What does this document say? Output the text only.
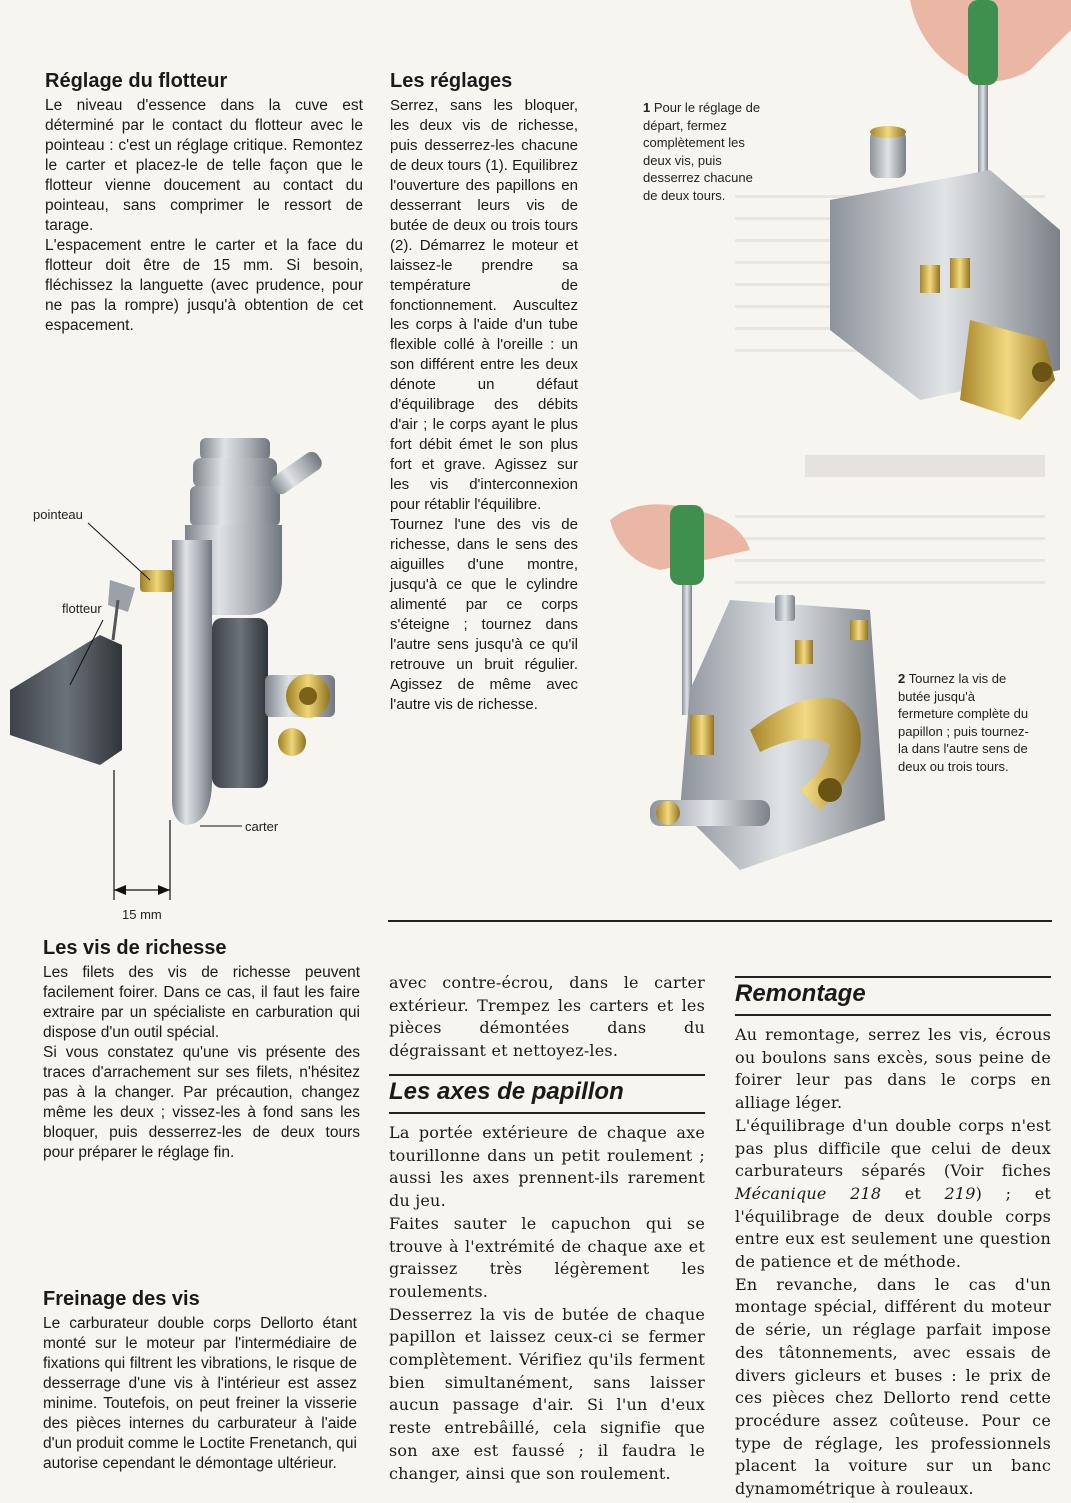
Réglage du flotteur

Le niveau d'essence dans la cuve est déterminé par le contact du flotteur avec le pointeau : c'est un réglage critique. Remontez le carter et placez-le de telle façon que le flotteur vienne doucement au contact du pointeau, sans comprimer le ressort de tarage.

L'espacement entre le carter et la face du flotteur doit être de 15 mm. Si besoin, fléchissez la languette (avec prudence, pour ne pas la rompre) jusqu'à obtention de cet espacement.

pointeau
flotteur
carter
15 mm
Les réglages

Serrez, sans les bloquer, les deux vis de richesse, puis desserrez-les chacune de deux tours (1). Equilibrez l'ouverture des papillons en desserrant leurs vis de butée de deux ou trois tours (2). Démarrez le moteur et laissez-le prendre sa température de fonctionnement. Auscultez les corps à l'aide d'un tube flexible collé à l'oreille : un son différent entre les deux dénote un défaut d'équilibrage des débits d'air ; le corps ayant le plus fort débit émet le son plus fort et grave. Agissez sur les vis d'interconnexion pour rétablir l'équilibre.

Tournez l'une des vis de richesse, dans le sens des aiguilles d'une montre, jusqu'à ce que le cylindre alimenté par ce corps s'éteigne ; tournez dans l'autre sens jusqu'à ce qu'il retrouve un bruit régulier. Agissez de même avec l'autre vis de richesse.

1 Pour le réglage de départ, fermez complètement les deux vis, puis desserrez chacune de deux tours.
2 Tournez la vis de butée jusqu'à fermeture complète du papillon ; puis tournez-la dans l'autre sens de deux ou trois tours.
Les vis de richesse

Les filets des vis de richesse peuvent facilement foirer. Dans ce cas, il faut les faire extraire par un spécialiste en carburation qui dispose d'un outil spécial.

Si vous constatez qu'une vis présente des traces d'arrachement sur ses filets, n'hésitez pas à la changer. Par précaution, changez même les deux ; vissez-les à fond sans les bloquer, puis desserrez-les de deux tours pour préparer le réglage fin.

Freinage des vis

Le carburateur double corps Dellorto étant monté sur le moteur par l'intermédiaire de fixations qui filtrent les vibrations, le risque de desserrage d'une vis à l'intérieur est assez minime. Toutefois, on peut freiner la visserie des pièces internes du carburateur à l'aide d'un produit comme le Loctite Frenetanch, qui autorise cependant le démontage ultérieur.

avec contre-écrou, dans le carter extérieur. Trempez les carters et les pièces démontées dans du dégraissant et nettoyez-les.

Les axes de papillon

La portée extérieure de chaque axe tourillonne dans un petit roulement ; aussi les axes prennent-ils rarement du jeu.

Faites sauter le capuchon qui se trouve à l'extrémité de chaque axe et graissez très légèrement les roulements.

Desserrez la vis de butée de chaque papillon et laissez ceux-ci se fermer complètement. Vérifiez qu'ils ferment bien simultanément, sans laisser aucun passage d'air. Si l'un d'eux reste entrebâillé, cela signifie que son axe est faussé ; il faudra le changer, ainsi que son roulement.

Remontage

Au remontage, serrez les vis, écrous ou boulons sans excès, sous peine de foirer leur pas dans le corps en alliage léger.

L'équilibrage d'un double corps n'est pas plus difficile que celui de deux carburateurs séparés (Voir fiches Mécanique 218 et 219) ; et l'équilibrage de deux double corps entre eux est seulement une question de patience et de méthode.

En revanche, dans le cas d'un montage spécial, différent du moteur de série, un réglage parfait impose des tâtonnements, avec essais de divers gicleurs et buses : le prix de ces pièces chez Dellorto rend cette procédure assez coûteuse. Pour ce type de réglage, les professionnels placent la voiture sur un banc dynamométrique à rouleaux.
